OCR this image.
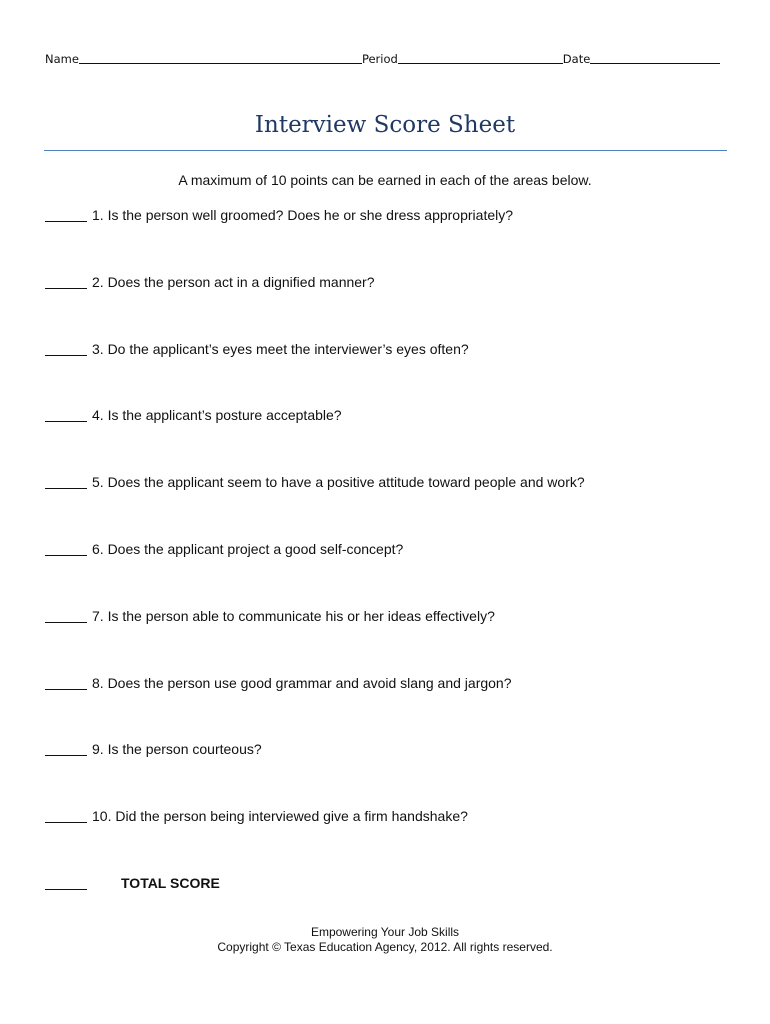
Name	Period	Date
Interview Score Sheet
A maximum of 10 points can be earned in each of the areas below.
1. Is the person well groomed? Does he or she dress appropriately?
2. Does the person act in a dignified manner?
3. Do the applicant’s eyes meet the interviewer’s eyes often?
4. Is the applicant’s posture acceptable?
5. Does the applicant seem to have a positive attitude toward people and work?
6. Does the applicant project a good self-concept?
7. Is the person able to communicate his or her ideas effectively?
8. Does the person use good grammar and avoid slang and jargon?
9. Is the person courteous?
10. Did the person being interviewed give a firm handshake?
TOTAL SCORE
Empowering Your Job Skills
Copyright © Texas Education Agency, 2012. All rights reserved.
